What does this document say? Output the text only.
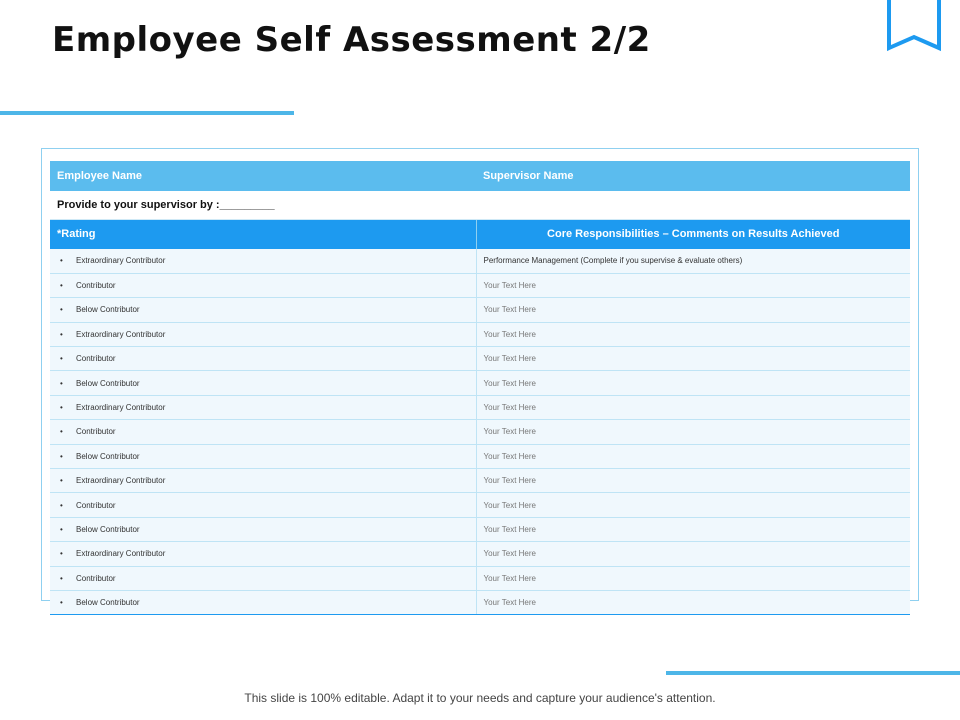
Employee Self Assessment 2/2
Employee Name	Supervisor Name
Provide to your supervisor by :_________	
*Rating	Core Responsibilities – Comments on Results Achieved
• Extraordinary Contributor	Performance Management (Complete if you supervise & evaluate others)
• Contributor	Your Text Here
• Below Contributor	Your Text Here
• Extraordinary Contributor	Your Text Here
• Contributor	Your Text Here
• Below Contributor	Your Text Here
• Extraordinary Contributor	Your Text Here
• Contributor	Your Text Here
• Below Contributor	Your Text Here
• Extraordinary Contributor	Your Text Here
• Contributor	Your Text Here
• Below Contributor	Your Text Here
• Extraordinary Contributor	Your Text Here
• Contributor	Your Text Here
• Below Contributor	Your Text Here
This slide is 100% editable. Adapt it to your needs and capture your audience's attention.
